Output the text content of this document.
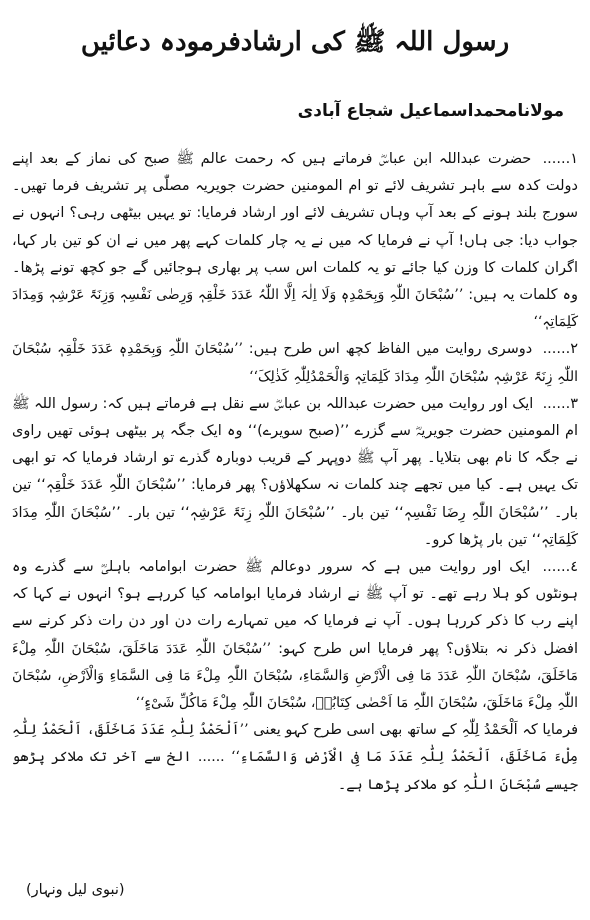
رسول اللہ ﷺ کی ارشادفرمودہ دعائیں
مولانامحمداسماعیل شجاع آبادی

١...... حضرت عبداللہ ابن عباسؓ فرماتے ہیں کہ رحمت عالم ﷺ صبح کی نماز کے بعد اپنے دولت کدہ سے باہر تشریف لائے تو ام المومنین حضرت جویریہ مصلّٰی پر تشریف فرما تھیں۔ سورج بلند ہونے کے بعد آپ وہاں تشریف لائے اور ارشاد فرمایا: تو یہیں بیٹھی رہی؟ انہوں نے جواب دیا: جی ہاں! آپ نے فرمایا کہ میں نے یہ چار کلمات کہے پھر میں نے ان کو تین بار کہا، اگران کلمات کا وزن کیا جائے تو یہ کلمات اس سب پر بھاری ہوجائیں گے جو کچھ تونے پڑھا۔ وہ کلمات یہ ہیں: ’’سُبْحَانَ اللّٰہِ وَبِحَمْدِہٖ وَلَا اِلٰہَ اِلَّا اللّٰہُ عَدَدَ خَلْقِہٖ وَرِضٰی نَفْسِہٖ وَزِنَۃَ عَرْشِہٖ وَمِدَادَ کَلِمَاتِہٖ‘‘

٢...... دوسری روایت میں الفاظ کچھ اس طرح ہیں: ’’سُبْحَانَ اللّٰہِ وَبِحَمْدِہٖ عَدَدَ خَلْقِہٖ سُبْحَانَ اللّٰہِ زِنَۃَ عَرْشِہٖ سُبْحَانَ اللّٰہِ مِدَادَ کَلِمَاتِہٖ وَالْحَمْدُلِلّٰہِ کَذٰلِکَ‘‘

٣...... ایک اور روایت میں حضرت عبداللہ بن عباسؓ سے نقل ہے فرماتے ہیں کہ: رسول اللہ ﷺ ام المومنین حضرت جویریہؓ سے گزرے ’’(صبح سویرے)‘‘ وہ ایک جگہ پر بیٹھی ہوئی تھیں راوی نے جگہ کا نام بھی بتلایا۔ پھر آپ ﷺ دوپہر کے قریب دوبارہ گذرے تو ارشاد فرمایا کہ تو ابھی تک یہیں ہے۔ کیا میں تجھے چند کلمات نہ سکھلاؤں؟ پھر فرمایا: ’’سُبْحَانَ اللّٰہِ عَدَدَ خَلْقِہٖ‘‘ تین بار۔ ’’سُبْحَانَ اللّٰہِ رِضَا نَفْسِہٖ‘‘ تین بار۔ ’’سُبْحَانَ اللّٰہِ زِنَۃَ عَرْشِہٖ‘‘ تین بار۔ ’’سُبْحَانَ اللّٰہِ مِدَادَ کَلِمَاتِہٖ‘‘ تین بار پڑھا کرو۔

٤...... ایک اور روایت میں ہے کہ سرور دوعالم ﷺ حضرت ابوامامہ باہلیؓ سے گذرے وہ ہونٹوں کو ہلا رہے تھے۔ تو آپ ﷺ نے ارشاد فرمایا ابوامامہ کیا کررہے ہو؟ انہوں نے کہا کہ اپنے رب کا ذکر کررہا ہوں۔ آپ نے فرمایا کہ میں تمہارے رات دن اور دن رات ذکر کرنے سے افضل ذکر نہ بتلاؤں؟ پھر فرمایا اس طرح کہو: ’’سُبْحَانَ اللّٰہِ عَدَدَ مَاخَلَقَ، سُبْحَانَ اللّٰہِ مِلْءَ مَاخَلَقَ، سُبْحَانَ اللّٰہِ عَدَدَ مَا فِی الْاَرْضِ وَالسَّمَاءِ، سُبْحَانَ اللّٰہِ مِلْءَ مَا فِی السَّمَاءِ وَالْاَرْضِ، سُبْحَانَ اللّٰہِ مِلْءَ مَاخَلَقَ، سُبْحَانَ اللّٰہِ مَا اَحْصٰی کِتَابُہٗ، سُبْحَانَ اللّٰہِ مِلْءَ مَاکُلِّ شَیْءٍ‘‘

فرمایا کہ اَلْحَمْدُ لِلّٰہِ کے ساتھ بھی اسی طرح کہو یعنی ’’اَلْحَمْدُ لِلّٰہِ عَدَدَ مَاخَلَقَ، اَلْحَمْدُ لِلّٰہِ مِلْءَ مَاخَلَقَ، اَلْحَمْدُ لِلّٰہِ عَدَدَ مَا فِی الْاَرْضِ وَالسَّمَاءِ‘‘ ...... الخ سے آخر تک ملاکر پڑھو جیسے سُبْحَانَ اللّٰہِ کو ملاکر پڑھا ہے۔

(نبوی لیل ونہار)
